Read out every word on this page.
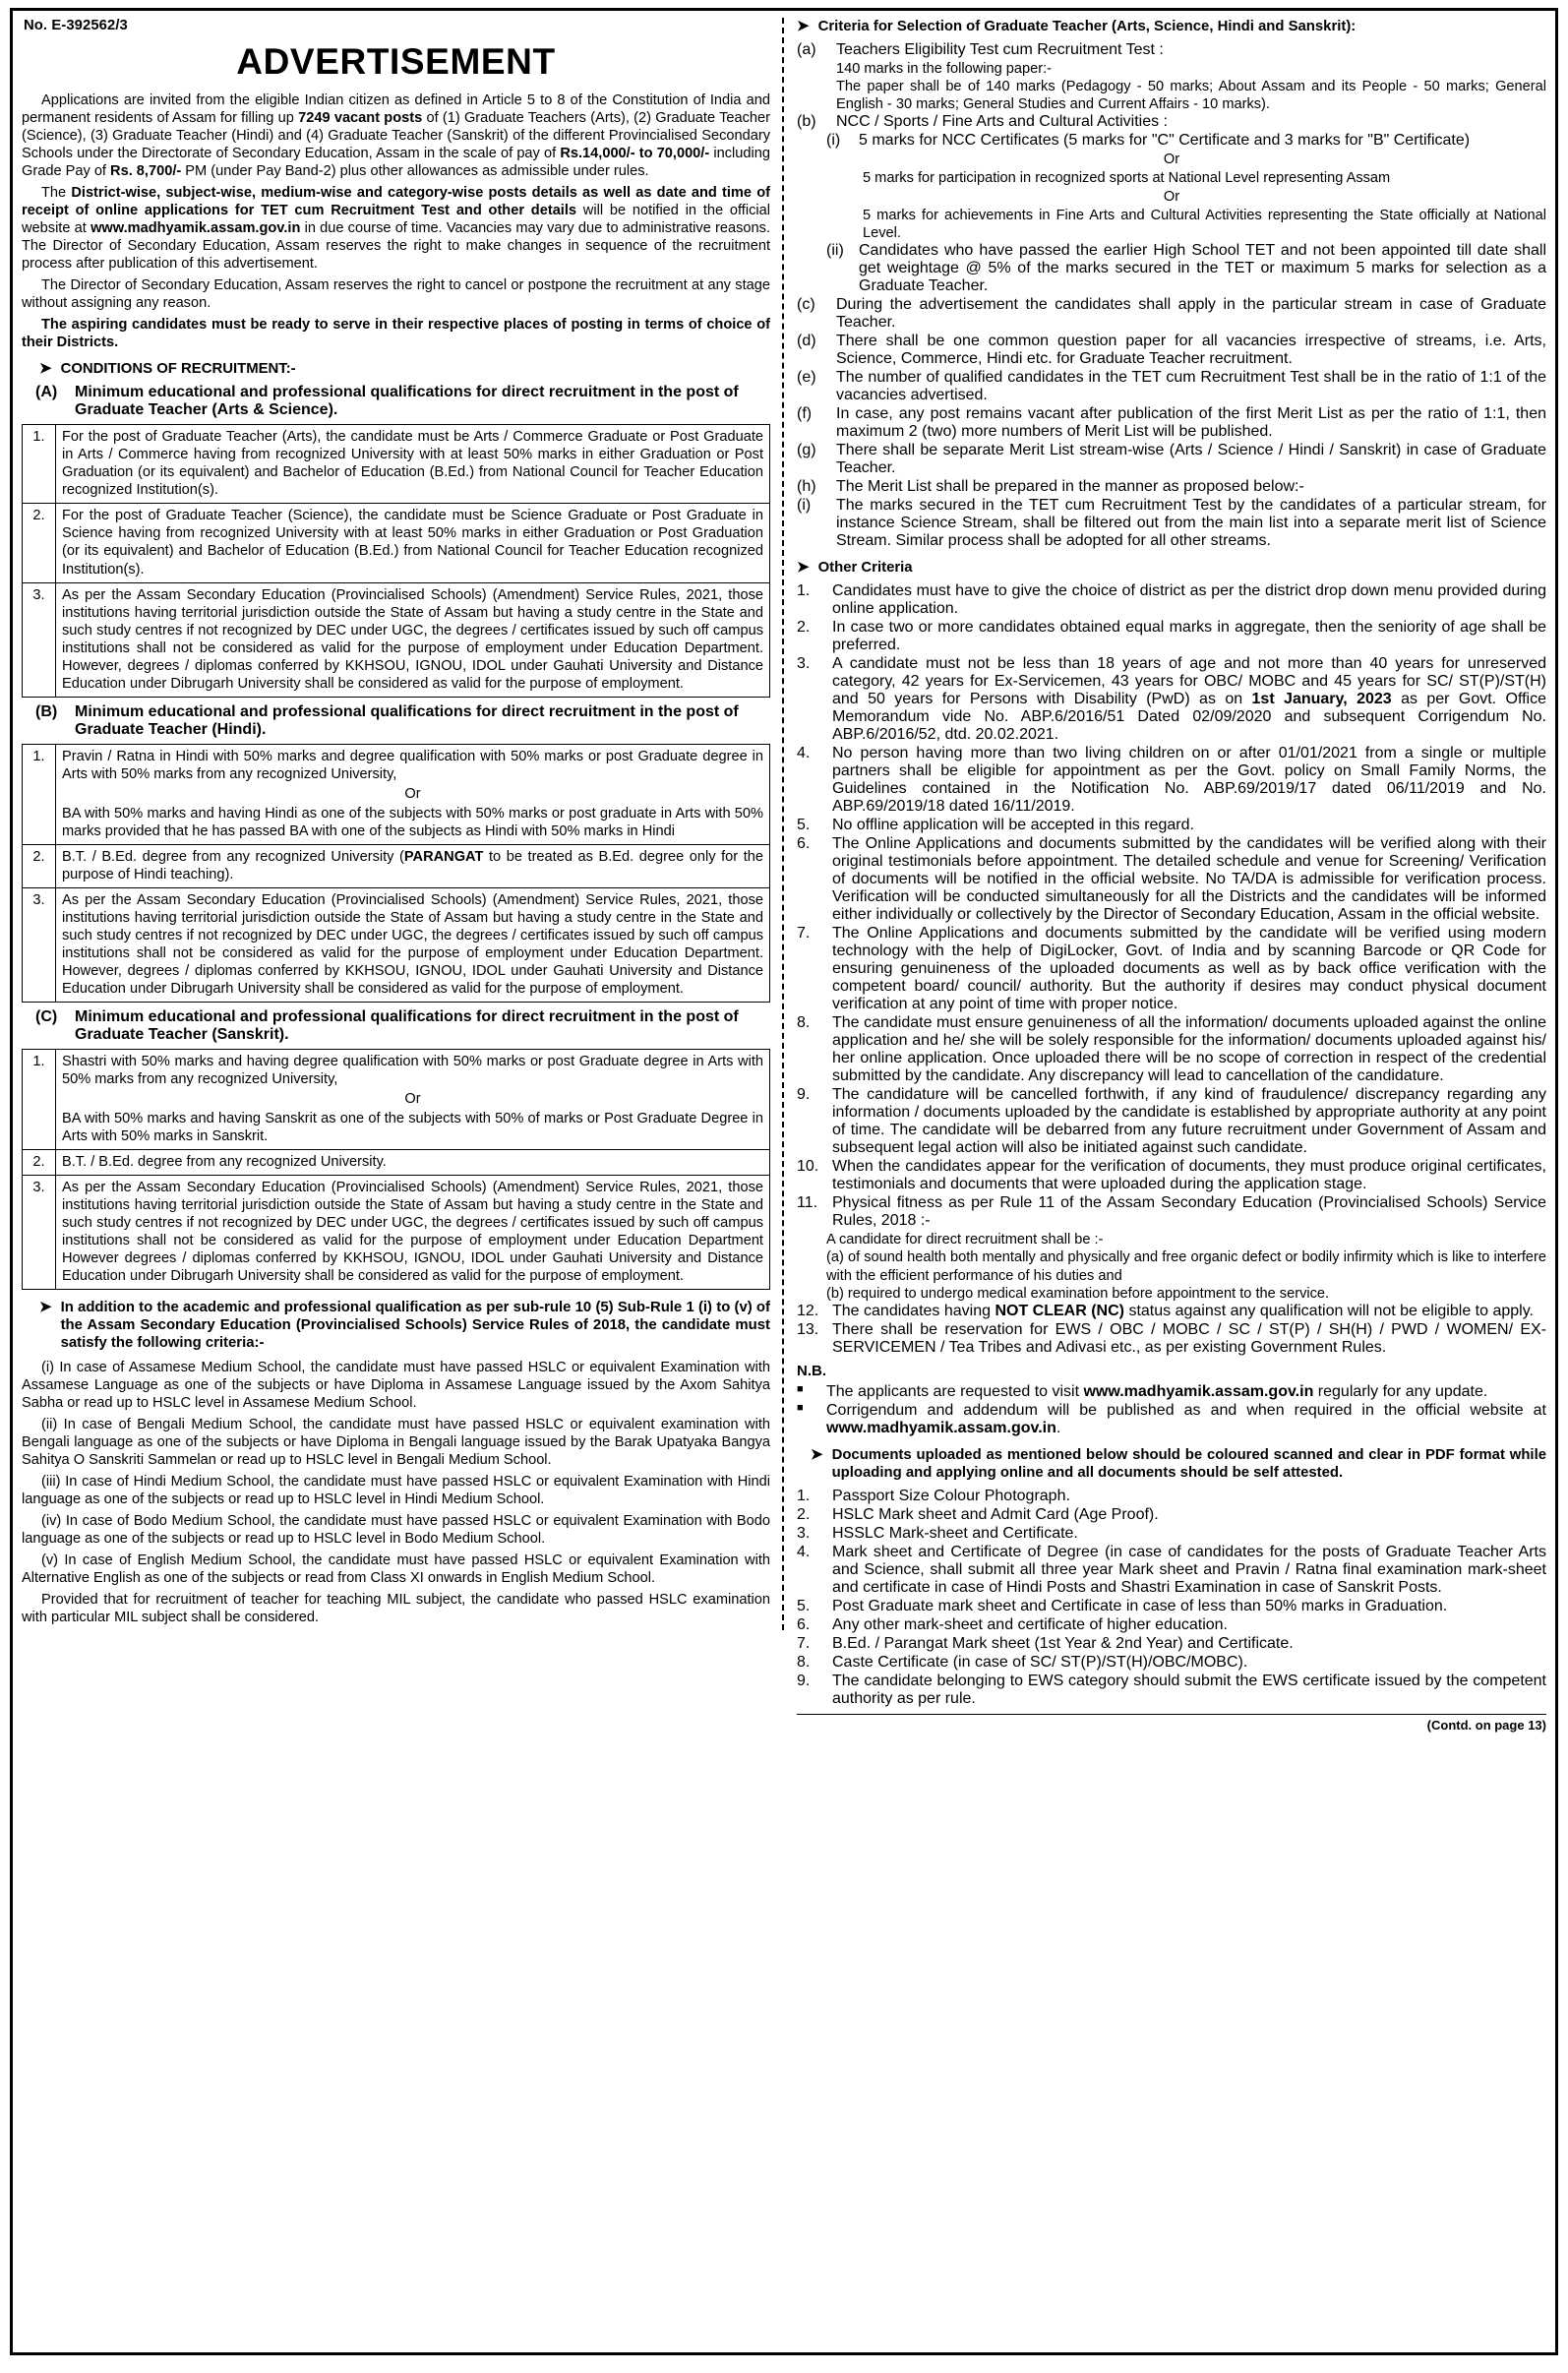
No. E-392562/3
ADVERTISEMENT

Applications are invited from the eligible Indian citizen as defined in Article 5 to 8 of the Constitution of India and permanent residents of Assam for filling up 7249 vacant posts of (1) Graduate Teachers (Arts), (2) Graduate Teacher (Science), (3) Graduate Teacher (Hindi) and (4) Graduate Teacher (Sanskrit) of the different Provincialised Secondary Schools under the Directorate of Secondary Education, Assam in the scale of pay of Rs.14,000/- to 70,000/- including Grade Pay of Rs. 8,700/- PM (under Pay Band-2) plus other allowances as admissible under rules.

The District-wise, subject-wise, medium-wise and category-wise posts details as well as date and time of receipt of online applications for TET cum Recruitment Test and other details will be notified in the official website at www.madhyamik.assam.gov.in in due course of time. Vacancies may vary due to administrative reasons. The Director of Secondary Education, Assam reserves the right to make changes in sequence of the recruitment process after publication of this advertisement.

The Director of Secondary Education, Assam reserves the right to cancel or postpone the recruitment at any stage without assigning any reason.

The aspiring candidates must be ready to serve in their respective places of posting in terms of choice of their Districts.

➤ CONDITIONS OF RECRUITMENT:-
(A)	Minimum educational and professional qualifications for direct recruitment in the post of Graduate Teacher (Arts & Science).
1.	For the post of Graduate Teacher (Arts), the candidate must be Arts / Commerce Graduate or Post Graduate in Arts / Commerce having from recognized University with at least 50% marks in either Graduation or Post Graduation (or its equivalent) and Bachelor of Education (B.Ed.) from National Council for Teacher Education recognized Institution(s).
2.	For the post of Graduate Teacher (Science), the candidate must be Science Graduate or Post Graduate in Science having from recognized University with at least 50% marks in either Graduation or Post Graduation (or its equivalent) and Bachelor of Education (B.Ed.) from National Council for Teacher Education recognized Institution(s).
3.	As per the Assam Secondary Education (Provincialised Schools) (Amendment) Service Rules, 2021, those institutions having territorial jurisdiction outside the State of Assam but having a study centre in the State and such study centres if not recognized by DEC under UGC, the degrees / certificates issued by such off campus institutions shall not be considered as valid for the purpose of employment under Education Department. However, degrees / diplomas conferred by KKHSOU, IGNOU, IDOL under Gauhati University and Distance Education under Dibrugarh University shall be considered as valid for the purpose of employment.
(B)	Minimum educational and professional qualifications for direct recruitment in the post of Graduate Teacher (Hindi).
1.	Pravin / Ratna in Hindi with 50% marks and degree qualification with 50% marks or post Graduate degree in Arts with 50% marks from any recognized University,
Or
BA with 50% marks and having Hindi as one of the subjects with 50% marks or post graduate in Arts with 50% marks provided that he has passed BA with one of the subjects as Hindi with 50% marks in Hindi

2.	B.T. / B.Ed. degree from any recognized University (PARANGAT to be treated as B.Ed. degree only for the purpose of Hindi teaching).
3.	As per the Assam Secondary Education (Provincialised Schools) (Amendment) Service Rules, 2021, those institutions having territorial jurisdiction outside the State of Assam but having a study centre in the State and such study centres if not recognized by DEC under UGC, the degrees / certificates issued by such off campus institutions shall not be considered as valid for the purpose of employment under Education Department. However, degrees / diplomas conferred by KKHSOU, IGNOU, IDOL under Gauhati University and Distance Education under Dibrugarh University shall be considered as valid for the purpose of employment.
(C)	Minimum educational and professional qualifications for direct recruitment in the post of Graduate Teacher (Sanskrit).
1.	Shastri with 50% marks and having degree qualification with 50% marks or post Graduate degree in Arts with 50% marks from any recognized University,
Or
BA with 50% marks and having Sanskrit as one of the subjects with 50% of marks or Post Graduate Degree in Arts with 50% marks in Sanskrit.

2.	B.T. / B.Ed. degree from any recognized University.
3.	As per the Assam Secondary Education (Provincialised Schools) (Amendment) Service Rules, 2021, those institutions having territorial jurisdiction outside the State of Assam but having a study centre in the State and such study centres if not recognized by DEC under UGC, the degrees / certificates issued by such off campus institutions shall not be considered as valid for the purpose of employment under Education Department However degrees / diplomas conferred by KKHSOU, IGNOU, IDOL under Gauhati University and Distance Education under Dibrugarh University shall be considered as valid for the purpose of employment.
➤ In addition to the academic and professional qualification as per sub-rule 10 (5) Sub-Rule 1 (i) to (v) of the Assam Secondary Education (Provincialised Schools) Service Rules of 2018, the candidate must satisfy the following criteria:-

(i) In case of Assamese Medium School, the candidate must have passed HSLC or equivalent Examination with Assamese Language as one of the subjects or have Diploma in Assamese Language issued by the Axom Sahitya Sabha or read up to HSLC level in Assamese Medium School.

(ii) In case of Bengali Medium School, the candidate must have passed HSLC or equivalent examination with Bengali language as one of the subjects or have Diploma in Bengali language issued by the Barak Upatyaka Bangya Sahitya O Sanskriti Sammelan or read up to HSLC level in Bengali Medium School.

(iii) In case of Hindi Medium School, the candidate must have passed HSLC or equivalent Examination with Hindi language as one of the subjects or read up to HSLC level in Hindi Medium School.

(iv) In case of Bodo Medium School, the candidate must have passed HSLC or equivalent Examination with Bodo language as one of the subjects or read up to HSLC level in Bodo Medium School.

(v) In case of English Medium School, the candidate must have passed HSLC or equivalent Examination with Alternative English as one of the subjects or read from Class XI onwards in English Medium School.

Provided that for recruitment of teacher for teaching MIL subject, the candidate who passed HSLC examination with particular MIL subject shall be considered.

➤ Criteria for Selection of Graduate Teacher (Arts, Science, Hindi and Sanskrit):
(a)	Teachers Eligibility Test cum Recruitment Test :
140 marks in the following paper:-
The paper shall be of 140 marks (Pedagogy - 50 marks; About Assam and its People - 50 marks; General English - 30 marks; General Studies and Current Affairs - 10 marks).
(b)	NCC / Sports / Fine Arts and Cultural Activities :
(i)	5 marks for NCC Certificates (5 marks for "C" Certificate and 3 marks for "B" Certificate)
Or
5 marks for participation in recognized sports at National Level representing Assam
Or
5 marks for achievements in Fine Arts and Cultural Activities representing the State officially at National Level.
(ii) Candidates who have passed the earlier High School TET and not been appointed till date shall get weightage @ 5% of the marks secured in the TET or maximum 5 marks for selection as a Graduate Teacher.
(c)	During the advertisement the candidates shall apply in the particular stream in case of Graduate Teacher.
(d)	There shall be one common question paper for all vacancies irrespective of streams, i.e. Arts, Science, Commerce, Hindi etc. for Graduate Teacher recruitment.
(e)	The number of qualified candidates in the TET cum Recruitment Test shall be in the ratio of 1:1 of the vacancies advertised.
(f)	In case, any post remains vacant after publication of the first Merit List as per the ratio of 1:1, then maximum 2 (two) more numbers of Merit List will be published.
(g)	There shall be separate Merit List stream-wise (Arts / Science / Hindi / Sanskrit) in case of Graduate Teacher.
(h)	The Merit List shall be prepared in the manner as proposed below:-
(i)	The marks secured in the TET cum Recruitment Test by the candidates of a particular stream, for instance Science Stream, shall be filtered out from the main list into a separate merit list of Science Stream. Similar process shall be adopted for all other streams.
➤ Other Criteria
1.	Candidates must have to give the choice of district as per the district drop down menu provided during online application.
2.	In case two or more candidates obtained equal marks in aggregate, then the seniority of age shall be preferred.
3.	A candidate must not be less than 18 years of age and not more than 40 years for unreserved category, 42 years for Ex-Servicemen, 43 years for OBC/ MOBC and 45 years for SC/ ST(P)/ST(H) and 50 years for Persons with Disability (PwD) as on 1st January, 2023 as per Govt. Office Memorandum vide No. ABP.6/2016/51 Dated 02/09/2020 and subsequent Corrigendum No. ABP.6/2016/52, dtd. 20.02.2021.
4.	No person having more than two living children on or after 01/01/2021 from a single or multiple partners shall be eligible for appointment as per the Govt. policy on Small Family Norms, the Guidelines contained in the Notification No. ABP.69/2019/17 dated 06/11/2019 and No. ABP.69/2019/18 dated 16/11/2019.
5.	No offline application will be accepted in this regard.
6.	The Online Applications and documents submitted by the candidates will be verified along with their original testimonials before appointment. The detailed schedule and venue for Screening/ Verification of documents will be notified in the official website. No TA/DA is admissible for verification process. Verification will be conducted simultaneously for all the Districts and the candidates will be informed either individually or collectively by the Director of Secondary Education, Assam in the official website.
7.	The Online Applications and documents submitted by the candidate will be verified using modern technology with the help of DigiLocker, Govt. of India and by scanning Barcode or QR Code for ensuring genuineness of the uploaded documents as well as by back office verification with the competent board/ council/ authority. But the authority if desires may conduct physical document verification at any point of time with proper notice.
8.	The candidate must ensure genuineness of all the information/ documents uploaded against the online application and he/ she will be solely responsible for the information/ documents uploaded against his/ her online application. Once uploaded there will be no scope of correction in respect of the credential submitted by the candidate. Any discrepancy will lead to cancellation of the candidature.
9.	The candidature will be cancelled forthwith, if any kind of fraudulence/ discrepancy regarding any information / documents uploaded by the candidate is established by appropriate authority at any point of time. The candidate will be debarred from any future recruitment under Government of Assam and subsequent legal action will also be initiated against such candidate.
10. When the candidates appear for the verification of documents, they must produce original certificates, testimonials and documents that were uploaded during the application stage.
11. Physical fitness as per Rule 11 of the Assam Secondary Education (Provincialised Schools) Service Rules, 2018 :-
A candidate for direct recruitment shall be :-
(a) of sound health both mentally and physically and free organic defect or bodily infirmity which is like to interfere with the efficient performance of his duties and
(b) required to undergo medical examination before appointment to the service.
12. The candidates having NOT CLEAR (NC) status against any qualification will not be eligible to apply.
13. There shall be reservation for EWS / OBC / MOBC / SC / ST(P) / SH(H) / PWD / WOMEN/ EX-SERVICEMEN / Tea Tribes and Adivasi etc., as per existing Government Rules.
N.B.
■	The applicants are requested to visit www.madhyamik.assam.gov.in regularly for any update.
■	Corrigendum and addendum will be published as and when required in the official website at www.madhyamik.assam.gov.in.
➤ Documents uploaded as mentioned below should be coloured scanned and clear in PDF format while uploading and applying online and all documents should be self attested.
1.	Passport Size Colour Photograph.
2.	HSLC Mark sheet and Admit Card (Age Proof).
3.	HSSLC Mark-sheet and Certificate.
4.	Mark sheet and Certificate of Degree (in case of candidates for the posts of Graduate Teacher Arts and Science, shall submit all three year Mark sheet and Pravin / Ratna final examination mark-sheet and certificate in case of Hindi Posts and Shastri Examination in case of Sanskrit Posts.
5.	Post Graduate mark sheet and Certificate in case of less than 50% marks in Graduation.
6.	Any other mark-sheet and certificate of higher education.
7.	B.Ed. / Parangat Mark sheet (1st Year & 2nd Year) and Certificate.
8.	Caste Certificate (in case of SC/ ST(P)/ST(H)/OBC/MOBC).
9.	The candidate belonging to EWS category should submit the EWS certificate issued by the competent authority as per rule.
(Contd. on page 13)
